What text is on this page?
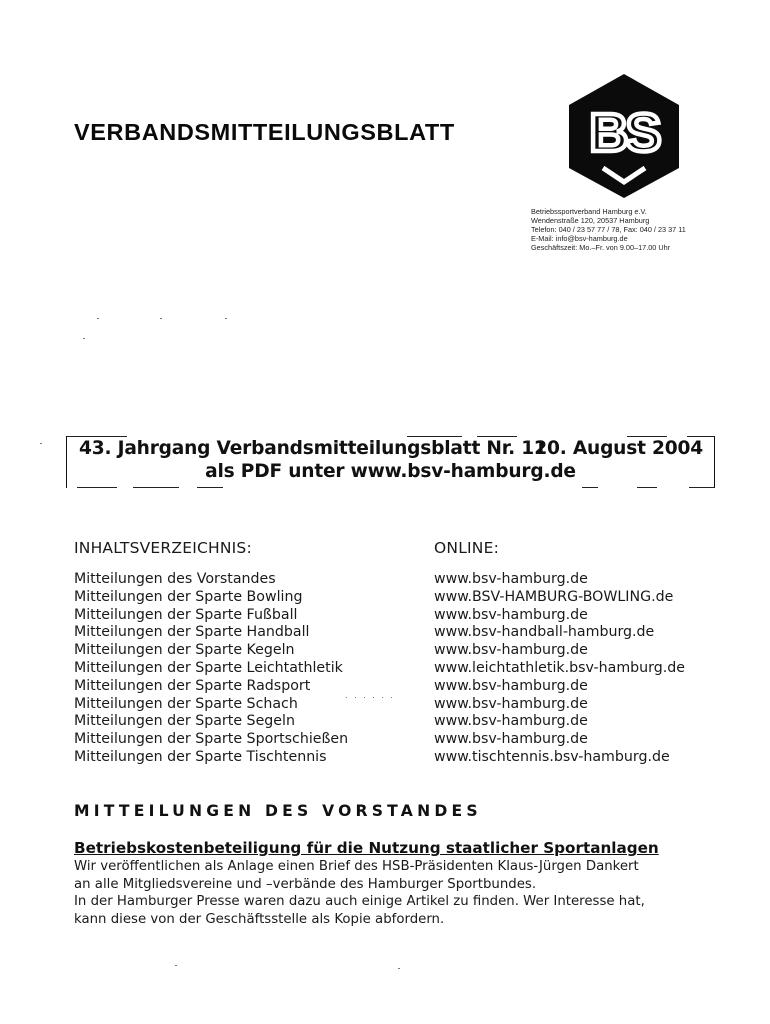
VERBANDSMITTEILUNGSBLATT	BS
Betriebssportverband Hamburg e.V.
Wendenstraße 120, 20537 Hamburg
Telefon: 040 / 23 57 77 / 78, Fax: 040 / 23 37 11
E-Mail: info@bsv-hamburg.de
Geschäftszeit: Mo.–Fr. von 9.00–17.00 Uhr
43. Jahrgang Verbandsmitteilungsblatt Nr. 11
20. August 2004
als PDF unter www.bsv-hamburg.de
INHALTSVERZEICHNIS:
Mitteilungen des Vorstandes
Mitteilungen der Sparte Bowling
Mitteilungen der Sparte Fußball
Mitteilungen der Sparte Handball
Mitteilungen der Sparte Kegeln
Mitteilungen der Sparte Leichtathletik
Mitteilungen der Sparte Radsport
Mitteilungen der Sparte Schach
Mitteilungen der Sparte Segeln
Mitteilungen der Sparte Sportschießen
Mitteilungen der Sparte Tischtennis
. . . . . .
ONLINE:
www.bsv-hamburg.de
www.BSV-HAMBURG-BOWLING.de
www.bsv-hamburg.de
www.bsv-handball-hamburg.de
www.bsv-hamburg.de
www.leichtathletik.bsv-hamburg.de
www.bsv-hamburg.de
www.bsv-hamburg.de
www.bsv-hamburg.de
www.bsv-hamburg.de
www.tischtennis.bsv-hamburg.de
MITTEILUNGEN DES VORSTANDES
Betriebskostenbeteiligung für die Nutzung staatlicher Sportanlagen
Wir veröffentlichen als Anlage einen Brief des HSB-Präsidenten Klaus-Jürgen Dankert
an alle Mitgliedsvereine und –verbände des Hamburger Sportbundes.
In der Hamburger Presse waren dazu auch einige Artikel zu finden. Wer Interesse hat,
kann diese von der Geschäftsstelle als Kopie abfordern.
